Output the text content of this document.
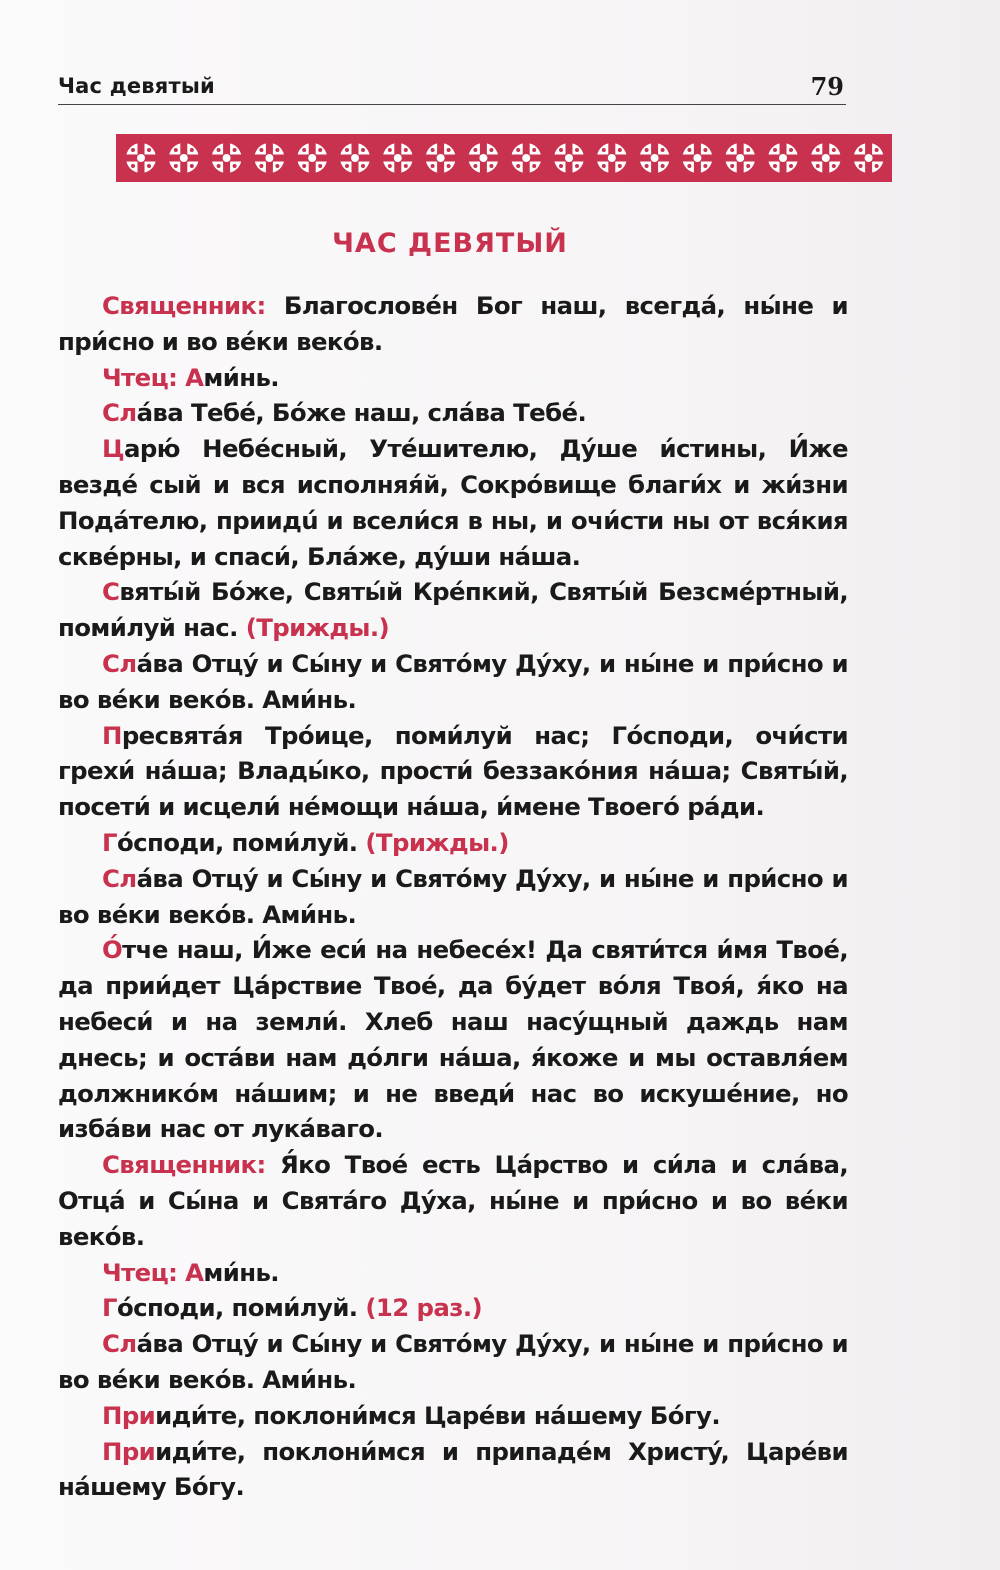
Час девятый	79
ЧАС ДЕВЯТЫЙ

Священник: Благословéн Бог наш, всегдá, ны́не и при́сно и во вéки векóв.

Чтец: Ами́нь.

Слáва Тебé, Бóже наш, слáва Тебé.

Царю́ Небéсный, Утéшителю, Дýше и́стины, И́же вездé сый и вся исполняя́й, Сокрóвище благи́х и жи́зни Подáтелю, приидú и всели́ся в ны, и очи́сти ны от вся́кия сквéрны, и спаси́, Блáже, дýши нáша.

Святы́й Бóже, Святы́й Крéпкий, Святы́й Безсмéртный, поми́луй нас. (Трижды.)

Слáва Отцý и Сы́ну и Святóму Дýху, и ны́не и при́сно и во вéки векóв. Ами́нь.

Пресвятáя Трóице, поми́луй нас; Гóсподи, очи́сти грехи́ нáша; Влады́ко, прости́ беззакóния нáша; Святы́й, посети́ и исцели́ нéмощи нáша, и́мене Твоегó рáди.

Гóсподи, поми́луй. (Трижды.)

Слáва Отцý и Сы́ну и Святóму Дýху, и ны́не и при́сно и во вéки векóв. Ами́нь.

О́тче наш, И́же еси́ на небесéх! Да святи́тся и́мя Твоé, да прии́дет Цáрствие Твоé, да бýдет вóля Твоя́, я́ко на небеси́ и на земли́. Хлеб наш насýщный даждь нам днесь; и остáви нам дóлги нáша, я́коже и мы оставля́ем должникóм нáшим; и не введи́ нас во искушéние, но избáви нас от лукáваго.

Священник: Я́ко Твоé есть Цáрство и си́ла и слáва, Отцá и Сы́на и Святáго Дýха, ны́не и при́сно и во вéки векóв.

Чтец: Ами́нь.

Гóсподи, поми́луй. (12 раз.)

Слáва Отцý и Сы́ну и Святóму Дýху, и ны́не и при́сно и во вéки векóв. Ами́нь.

Прииди́те, поклони́мся Царéви нáшему Бóгу.

Прииди́те, поклони́мся и припадéм Христý, Царéви нáшему Бóгу.
